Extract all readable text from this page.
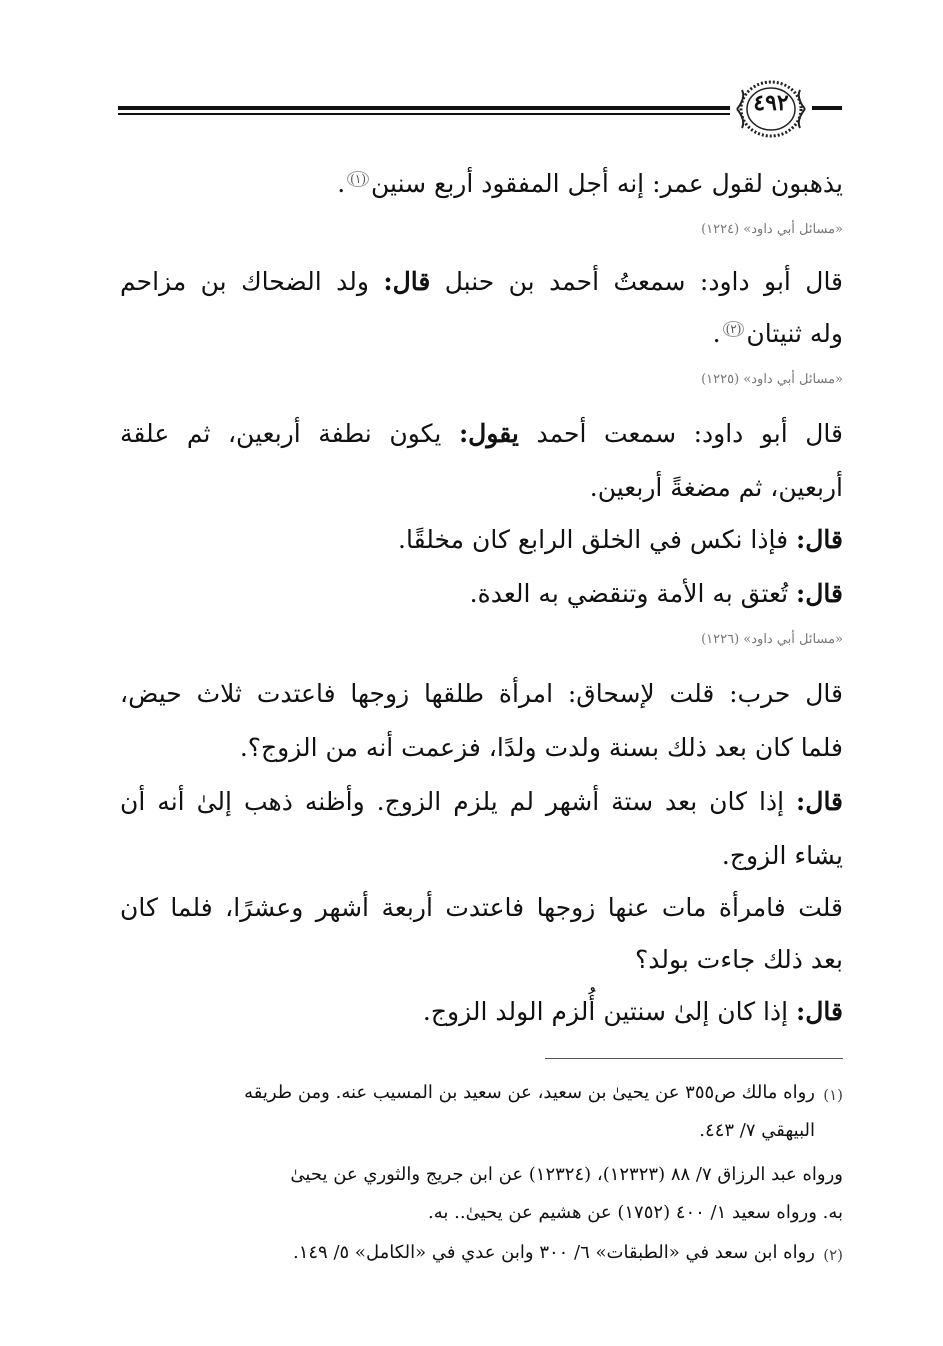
٤٩٢
يذهبون لقول عمر: إنه أجل المفقود أربع سنين$^{(١)}$.
«مسائل أبي داود» (١٢٢٤)
قال أبو داود: سمعتُ أحمد بن حنبل قال: ولد الضحاك بن مزاحم
وله ثنيتان$^{(٢)}$.
«مسائل أبي داود» (١٢٢٥)
قال أبو داود: سمعت أحمد يقول: يكون نطفة أربعين، ثم علقة
أربعين، ثم مضغةً أربعين.
قال: فإذا نكس في الخلق الرابع كان مخلقًا.
قال: تُعتق به الأمة وتنقضي به العدة.
«مسائل أبي داود» (١٢٢٦)
قال حرب: قلت لإسحاق: امرأة طلقها زوجها فاعتدت ثلاث حيض،
فلما كان بعد ذلك بسنة ولدت ولدًا، فزعمت أنه من الزوج؟.
قال: إذا كان بعد ستة أشهر لم يلزم الزوج. وأظنه ذهب إلىٰ أنه أن
يشاء الزوج.
قلت فامرأة مات عنها زوجها فاعتدت أربعة أشهر وعشرًا، فلما كان
بعد ذلك جاءت بولد؟
قال: إذا كان إلىٰ سنتين أُلزم الولد الزوج.
(١)
رواه مالك ص٣٥٥ عن يحيىٰ بن سعيد، عن سعيد بن المسيب عنه. ومن طريقه
البيهقي ٧/ ٤٤٣.
ورواه عبد الرزاق ٧/ ٨٨ (١٢٣٢٣)، (١٢٣٢٤) عن ابن جريج والثوري عن يحيىٰ
به. ورواه سعيد ١/ ٤٠٠ (١٧٥٢) عن هشيم عن يحيىٰ.. به.
(٢)
رواه ابن سعد في «الطبقات» ٦/ ٣٠٠ وابن عدي في «الكامل» ٥/ ١٤٩.
